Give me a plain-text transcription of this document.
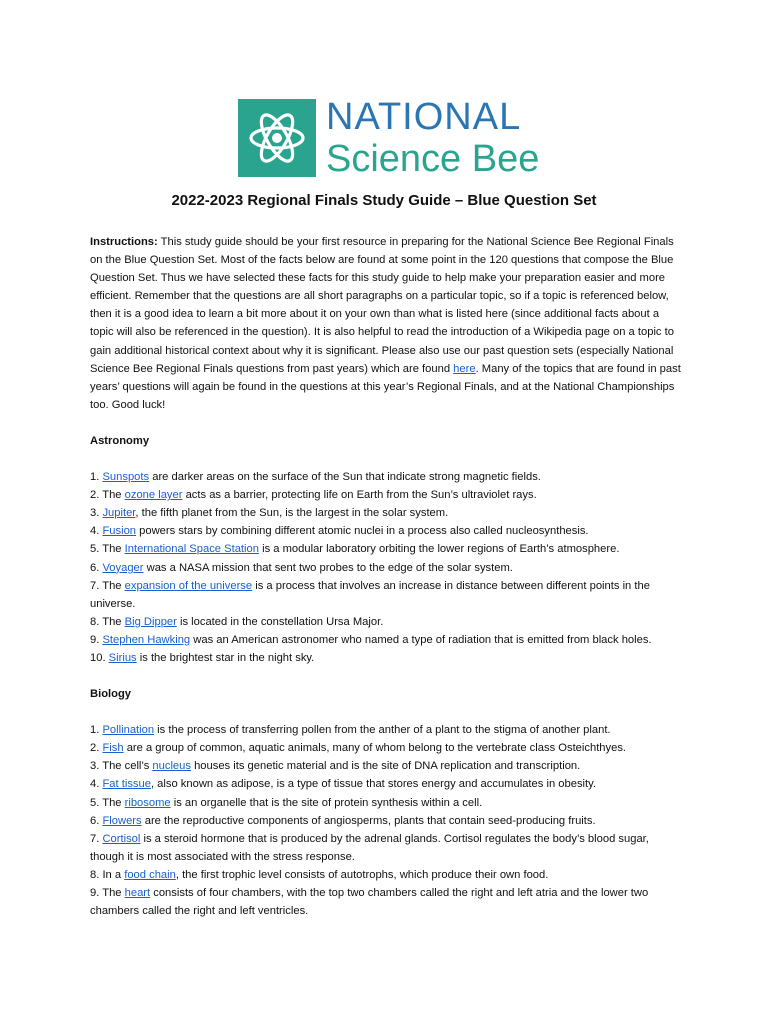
NATIONAL
Science Bee
2022-2023 Regional Finals Study Guide – Blue Question Set

Instructions: This study guide should be your first resource in preparing for the National Science Bee Regional Finals on the Blue Question Set. Most of the facts below are found at some point in the 120 questions that compose the Blue Question Set. Thus we have selected these facts for this study guide to help make your preparation easier and more efficient. Remember that the questions are all short paragraphs on a particular topic, so if a topic is referenced below, then it is a good idea to learn a bit more about it on your own than what is listed here (since additional facts about a topic will also be referenced in the question). It is also helpful to read the introduction of a Wikipedia page on a topic to gain additional historical context about why it is significant. Please also use our past question sets (especially National Science Bee Regional Finals questions from past years) which are found here. Many of the topics that are found in past years’ questions will again be found in the questions at this year’s Regional Finals, and at the National Championships too. Good luck!

Astronomy

1. Sunspots are darker areas on the surface of the Sun that indicate strong magnetic fields.

2. The ozone layer acts as a barrier, protecting life on Earth from the Sun’s ultraviolet rays.

3. Jupiter, the fifth planet from the Sun, is the largest in the solar system.

4. Fusion powers stars by combining different atomic nuclei in a process also called nucleosynthesis.

5. The International Space Station is a modular laboratory orbiting the lower regions of Earth’s atmosphere.

6. Voyager was a NASA mission that sent two probes to the edge of the solar system.

7. The expansion of the universe is a process that involves an increase in distance between different points in the universe.

8. The Big Dipper is located in the constellation Ursa Major.

9. Stephen Hawking was an American astronomer who named a type of radiation that is emitted from black holes.

10. Sirius is the brightest star in the night sky.

Biology

1. Pollination is the process of transferring pollen from the anther of a plant to the stigma of another plant.

2. Fish are a group of common, aquatic animals, many of whom belong to the vertebrate class Osteichthyes.

3. The cell’s nucleus houses its genetic material and is the site of DNA replication and transcription.

4. Fat tissue, also known as adipose, is a type of tissue that stores energy and accumulates in obesity.

5. The ribosome is an organelle that is the site of protein synthesis within a cell.

6. Flowers are the reproductive components of angiosperms, plants that contain seed-producing fruits.

7. Cortisol is a steroid hormone that is produced by the adrenal glands. Cortisol regulates the body’s blood sugar, though it is most associated with the stress response.

8. In a food chain, the first trophic level consists of autotrophs, which produce their own food.

9. The heart consists of four chambers, with the top two chambers called the right and left atria and the lower two chambers called the right and left ventricles.
